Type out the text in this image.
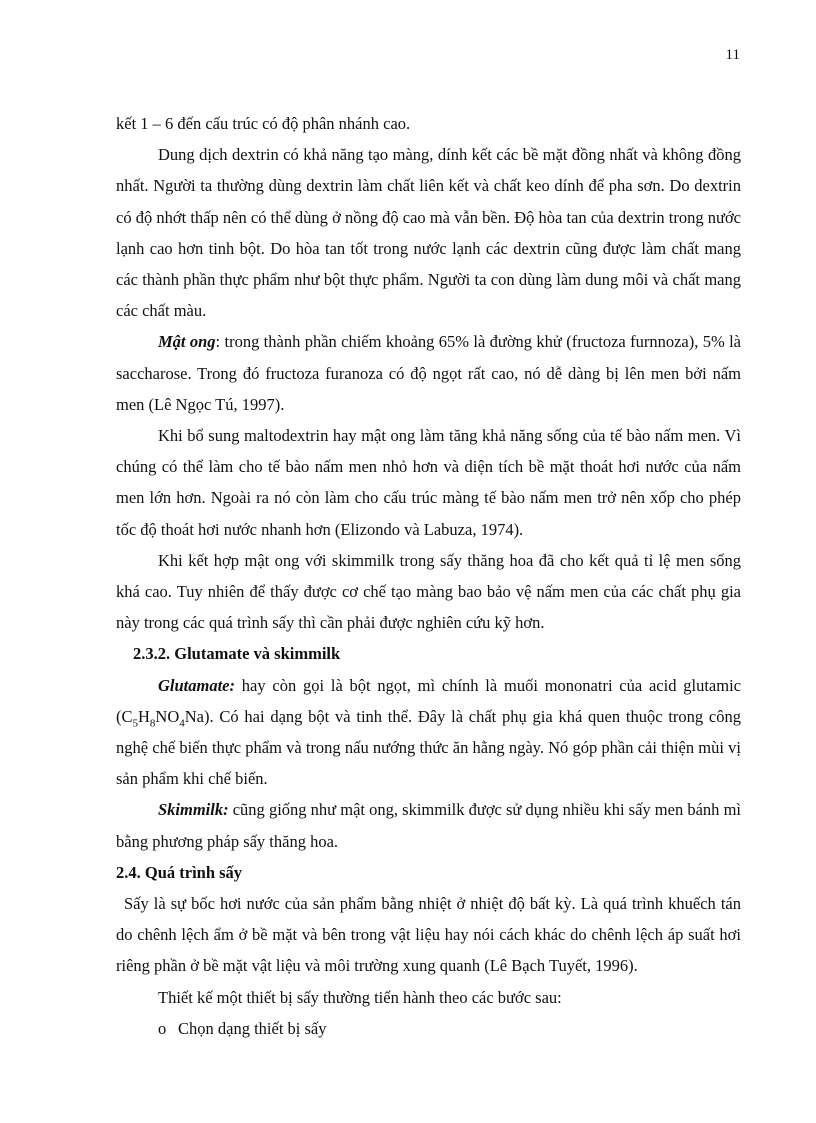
11

kết 1 – 6 đến cấu trúc có độ phân nhánh cao.

Dung dịch dextrin có khả năng tạo màng, dính kết các bề mặt đồng nhất và không đồng nhất. Người ta thường dùng dextrin làm chất liên kết và chất keo dính để pha sơn. Do dextrin có độ nhớt thấp nên có thể dùng ở nồng độ cao mà vẫn bền. Độ hòa tan của dextrin trong nước lạnh cao hơn tinh bột. Do hòa tan tốt trong nước lạnh các dextrin cũng được làm chất mang các thành phần thực phẩm như bột thực phẩm. Người ta con dùng làm dung môi và chất mang các chất màu.

Mật ong: trong thành phần chiếm khoảng 65% là đường khử (fructoza furnnoza), 5% là saccharose. Trong đó fructoza furanoza có độ ngọt rất cao, nó dễ dàng bị lên men bởi nấm men (Lê Ngọc Tú, 1997).

Khi bổ sung maltodextrin hay mật ong làm tăng khả năng sống của tế bào nấm men. Vì chúng có thể làm cho tế bào nấm men nhỏ hơn và diện tích bề mặt thoát hơi nước của nấm men lớn hơn. Ngoài ra nó còn làm cho cấu trúc màng tế bào nấm men trở nên xốp cho phép tốc độ thoát hơi nước nhanh hơn (Elizondo và Labuza, 1974).

Khi kết hợp mật ong với skimmilk trong sấy thăng hoa đã cho kết quả tỉ lệ men sống khá cao. Tuy nhiên để thấy được cơ chế tạo màng bao bảo vệ nấm men của các chất phụ gia này trong các quá trình sấy thì cần phải được nghiên cứu kỹ hơn.

2.3.2. Glutamate và skimmilk

Glutamate: hay còn gọi là bột ngọt, mì chính là muối mononatri của acid glutamic $(C_5H_8NO_4Na)$. Có hai dạng bột và tinh thể. Đây là chất phụ gia khá quen thuộc trong công nghệ chế biến thực phẩm và trong nấu nướng thức ăn hằng ngày. Nó góp phần cải thiện mùi vị sản phẩm khi chế biến.

Skimmilk: cũng giống như mật ong, skimmilk được sử dụng nhiều khi sấy men bánh mì bằng phương pháp sấy thăng hoa.

2.4. Quá trình sấy

Sấy là sự bốc hơi nước của sản phẩm bằng nhiệt ở nhiệt độ bất kỳ. Là quá trình khuếch tán do chênh lệch ẩm ở bề mặt và bên trong vật liệu hay nói cách khác do chênh lệch áp suất hơi riêng phần ở bề mặt vật liệu và môi trường xung quanh (Lê Bạch Tuyết, 1996).

Thiết kế một thiết bị sấy thường tiến hành theo các bước sau:

o Chọn dạng thiết bị sấy
